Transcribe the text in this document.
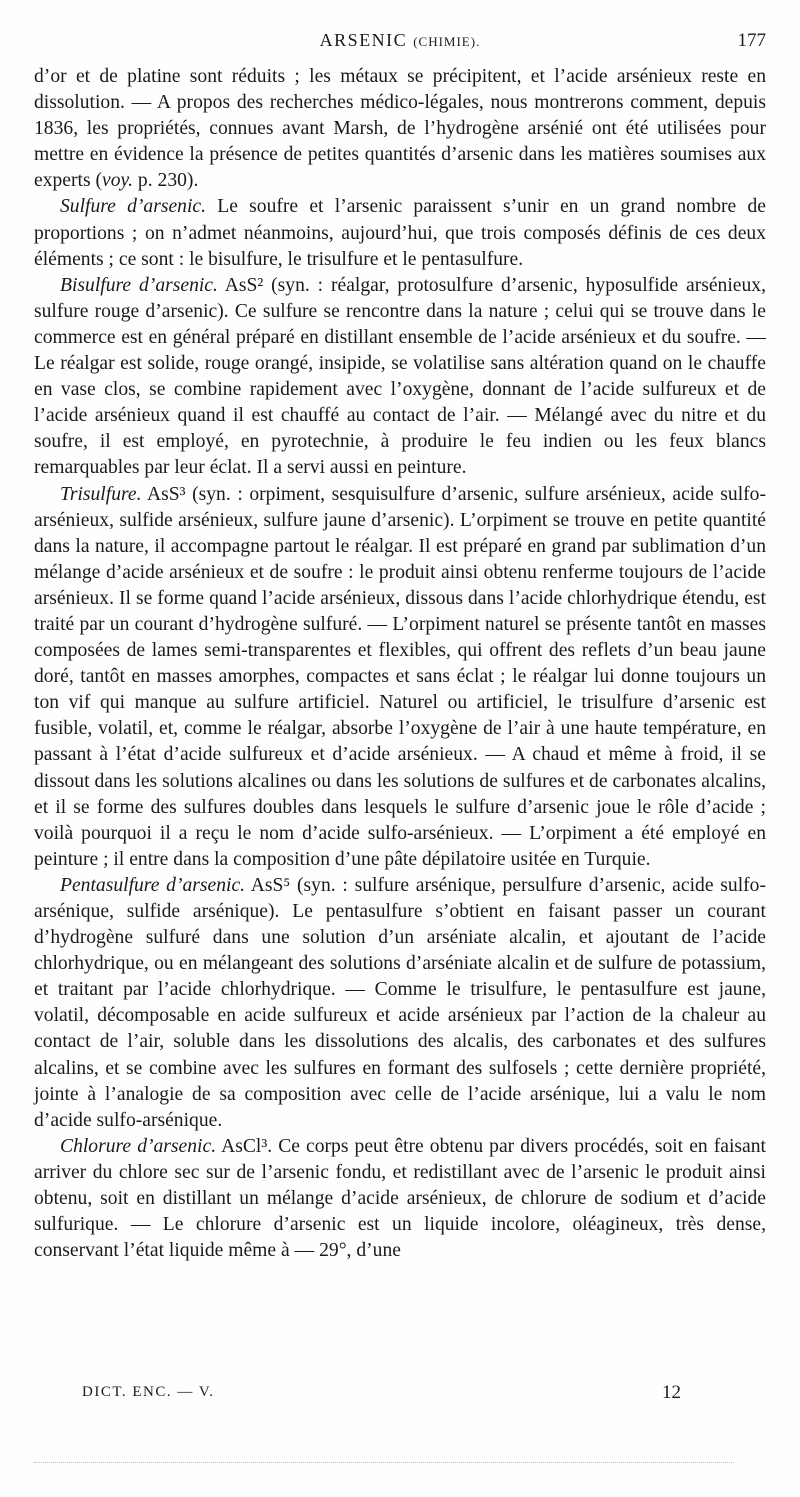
ARSENIC (CHIMIE).	177

d’or et de platine sont réduits ; les métaux se précipitent, et l’acide arsénieux reste en dissolution. — A propos des recherches médico-légales, nous montrerons comment, depuis 1836, les propriétés, connues avant Marsh, de l’hydrogène arsénié ont été utilisées pour mettre en évidence la présence de petites quantités d’arsenic dans les matières soumises aux experts (voy. p. 230).

Sulfure d’arsenic. Le soufre et l’arsenic paraissent s’unir en un grand nombre de proportions ; on n’admet néanmoins, aujourd’hui, que trois composés définis de ces deux éléments ; ce sont : le bisulfure, le trisulfure et le pentasulfure.

Bisulfure d’arsenic. AsS² (syn. : réalgar, protosulfure d’arsenic, hyposulfide arsénieux, sulfure rouge d’arsenic). Ce sulfure se rencontre dans la nature ; celui qui se trouve dans le commerce est en général préparé en distillant ensemble de l’acide arsénieux et du soufre. — Le réalgar est solide, rouge orangé, insipide, se volatilise sans altération quand on le chauffe en vase clos, se combine rapidement avec l’oxygène, donnant de l’acide sulfureux et de l’acide arsénieux quand il est chauffé au contact de l’air. — Mélangé avec du nitre et du soufre, il est employé, en pyrotechnie, à produire le feu indien ou les feux blancs remarquables par leur éclat. Il a servi aussi en peinture.

Trisulfure. AsS³ (syn. : orpiment, sesquisulfure d’arsenic, sulfure arsénieux, acide sulfo-arsénieux, sulfide arsénieux, sulfure jaune d’arsenic). L’orpiment se trouve en petite quantité dans la nature, il accompagne partout le réalgar. Il est préparé en grand par sublimation d’un mélange d’acide arsénieux et de soufre : le produit ainsi obtenu renferme toujours de l’acide arsénieux. Il se forme quand l’acide arsénieux, dissous dans l’acide chlorhydrique étendu, est traité par un courant d’hydrogène sulfuré. — L’orpiment naturel se présente tantôt en masses composées de lames semi-transparentes et flexibles, qui offrent des reflets d’un beau jaune doré, tantôt en masses amorphes, compactes et sans éclat ; le réalgar lui donne toujours un ton vif qui manque au sulfure artificiel. Naturel ou artificiel, le trisulfure d’arsenic est fusible, volatil, et, comme le réalgar, absorbe l’oxygène de l’air à une haute température, en passant à l’état d’acide sulfureux et d’acide arsénieux. — A chaud et même à froid, il se dissout dans les solutions alcalines ou dans les solutions de sulfures et de carbonates alcalins, et il se forme des sulfures doubles dans lesquels le sulfure d’arsenic joue le rôle d’acide ; voilà pourquoi il a reçu le nom d’acide sulfo-arsénieux. — L’orpiment a été employé en peinture ; il entre dans la composition d’une pâte dépilatoire usitée en Turquie.

Pentasulfure d’arsenic. AsS⁵ (syn. : sulfure arsénique, persulfure d’arsenic, acide sulfo-arsénique, sulfide arsénique). Le pentasulfure s’obtient en faisant passer un courant d’hydrogène sulfuré dans une solution d’un arséniate alcalin, et ajoutant de l’acide chlorhydrique, ou en mélangeant des solutions d’arséniate alcalin et de sulfure de potassium, et traitant par l’acide chlorhydrique. — Comme le trisulfure, le pentasulfure est jaune, volatil, décomposable en acide sulfureux et acide arsénieux par l’action de la chaleur au contact de l’air, soluble dans les dissolutions des alcalis, des carbonates et des sulfures alcalins, et se combine avec les sulfures en formant des sulfosels ; cette dernière propriété, jointe à l’analogie de sa composition avec celle de l’acide arsénique, lui a valu le nom d’acide sulfo-arsénique.

Chlorure d’arsenic. AsCl³. Ce corps peut être obtenu par divers procédés, soit en faisant arriver du chlore sec sur de l’arsenic fondu, et redistillant avec de l’arsenic le produit ainsi obtenu, soit en distillant un mélange d’acide arsénieux, de chlorure de sodium et d’acide sulfurique. — Le chlorure d’arsenic est un liquide incolore, oléagineux, très dense, conservant l’état liquide même à — 29°, d’une

DICT. ENC. — V.	12
